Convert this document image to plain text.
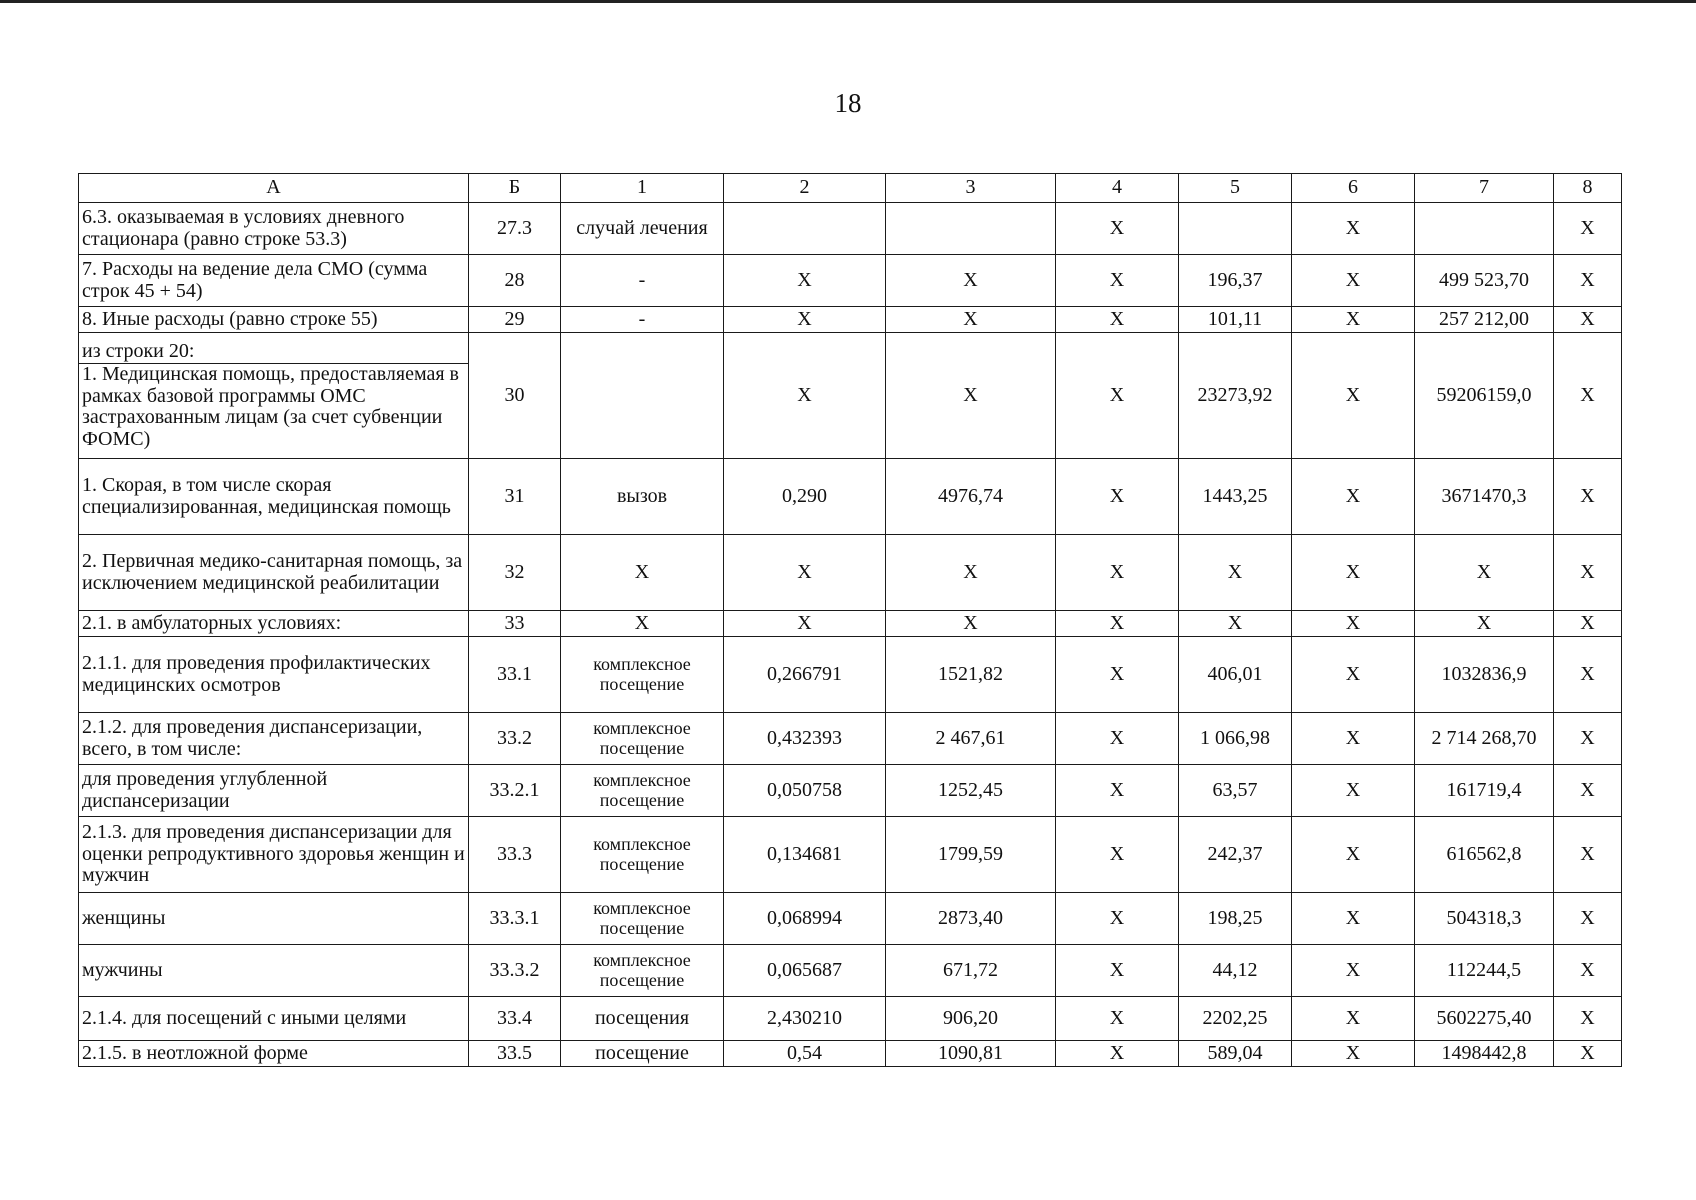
18
А	Б	1	2	3	4	5	6	7	8
6.3. оказываемая в условиях дневного стационара (равно строке 53.3)	27.3	случай лечения			X		X		X
7. Расходы на ведение дела СМО (сумма строк 45 + 54)	28	-	X	X	X	196,37	X	499 523,70	X
8. Иные расходы (равно строке 55)	29	-	X	X	X	101,11	X	257 212,00	X

из строки 20:
1. Медицинская помощь, предоставляемая в рамках базовой программы ОМС застрахованным лицам (за счет субвенции ФОМС)	30		X	X	X	23273,92	X	59206159,0	X
1. Скорая, в том числе скорая специализированная, медицинская помощь	31	вызов	0,290	4976,74	X	1443,25	X	3671470,3	X
2. Первичная медико-санитарная помощь, за исключением медицинской реабилитации	32	X	X	X	X	X	X	X	X
2.1. в амбулаторных условиях:	33	X	X	X	X	X	X	X	X
2.1.1. для проведения профилактических медицинских осмотров	33.1	комплексное посещение	0,266791	1521,82	X	406,01	X	1032836,9	X
2.1.2. для проведения диспансеризации, всего, в том числе:	33.2	комплексное посещение	0,432393	2 467,61	X	1 066,98	X	2 714 268,70	X
для проведения углубленной диспансеризации	33.2.1	комплексное посещение	0,050758	1252,45	X	63,57	X	161719,4	X
2.1.3. для проведения диспансеризации для оценки репродуктивного здоровья женщин и мужчин	33.3	комплексное посещение	0,134681	1799,59	X	242,37	X	616562,8	X
женщины	33.3.1	комплексное посещение	0,068994	2873,40	X	198,25	X	504318,3	X
мужчины	33.3.2	комплексное посещение	0,065687	671,72	X	44,12	X	112244,5	X
2.1.4. для посещений с иными целями	33.4	посещения	2,430210	906,20	X	2202,25	X	5602275,40	X
2.1.5. в неотложной форме	33.5	посещение	0,54	1090,81	X	589,04	X	1498442,8	X
